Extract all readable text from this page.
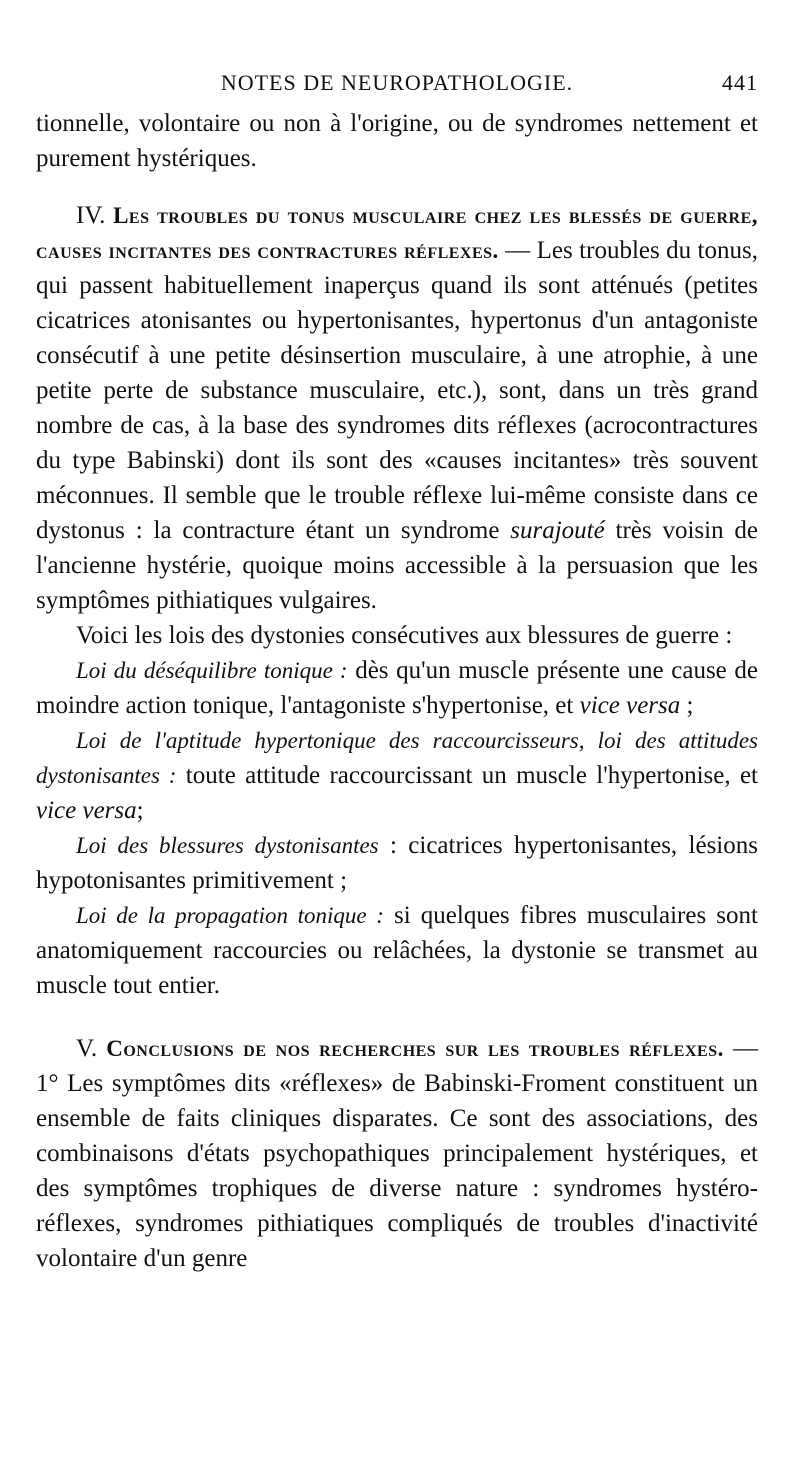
NOTES DE NEUROPATHOLOGIE.	441

tionnelle, volontaire ou non à l'origine, ou de syndromes nettement et purement hystériques.

IV. Les troubles du tonus musculaire chez les blessés de guerre, causes incitantes des contractures réflexes. — Les troubles du tonus, qui passent habituellement inaperçus quand ils sont atténués (petites cicatrices atonisantes ou hypertonisantes, hypertonus d'un antagoniste consécutif à une petite désinsertion musculaire, à une atrophie, à une petite perte de substance musculaire, etc.), sont, dans un très grand nombre de cas, à la base des syndromes dits réflexes (acrocontractures du type Babinski) dont ils sont des «causes incitantes» très souvent méconnues. Il semble que le trouble réflexe lui-même consiste dans ce dystonus : la contracture étant un syndrome surajouté très voisin de l'ancienne hystérie, quoique moins accessible à la persuasion que les symptômes pithiatiques vulgaires.

Voici les lois des dystonies consécutives aux blessures de guerre :

Loi du déséquilibre tonique : dès qu'un muscle présente une cause de moindre action tonique, l'antagoniste s'hypertonise, et vice versa ;

Loi de l'aptitude hypertonique des raccourcisseurs, loi des attitudes dystonisantes : toute attitude raccourcissant un muscle l'hypertonise, et vice versa;

Loi des blessures dystonisantes : cicatrices hypertonisantes, lésions hypotonisantes primitivement ;

Loi de la propagation tonique : si quelques fibres musculaires sont anatomiquement raccourcies ou relâchées, la dystonie se transmet au muscle tout entier.

V. Conclusions de nos recherches sur les troubles réflexes. — 1° Les symptômes dits «réflexes» de Babinski-Froment constituent un ensemble de faits cliniques disparates. Ce sont des associations, des combinaisons d'états psychopathiques principalement hystériques, et des symptômes trophiques de diverse nature : syndromes hystéro-réflexes, syndromes pithiatiques compliqués de troubles d'inactivité volontaire d'un genre
